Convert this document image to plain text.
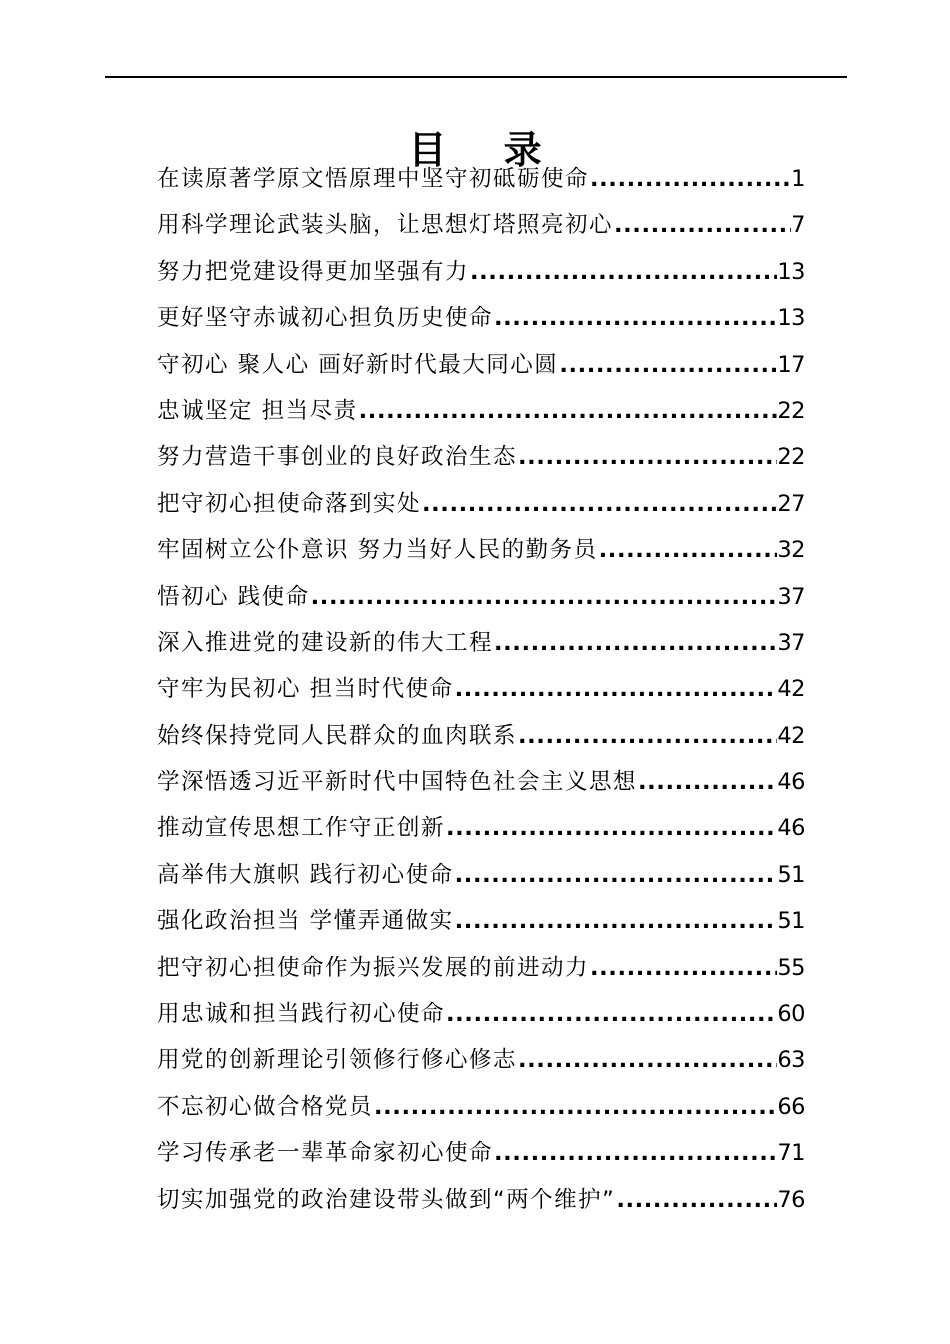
目 录
在读原著学原文悟原理中坚守初砥砺使命 .....	1
用科学理论武装头脑，让思想灯塔照亮初心 .....	7
努力把党建设得更加坚强有力 .....	13
更好坚守赤诚初心担负历史使命 .....	13
守初心 聚人心 画好新时代最大同心圆 .....	17
忠诚坚定 担当尽责 .....	22
努力营造干事创业的良好政治生态 .....	22
把守初心担使命落到实处 .....	27
牢固树立公仆意识 努力当好人民的勤务员 .....	32
悟初心 践使命 .....	37
深入推进党的建设新的伟大工程 .....	37
守牢为民初心 担当时代使命 .....	42
始终保持党同人民群众的血肉联系 .....	42
学深悟透习近平新时代中国特色社会主义思想 .....	46
推动宣传思想工作守正创新 .....	46
高举伟大旗帜 践行初心使命 .....	51
强化政治担当 学懂弄通做实 .....	51
把守初心担使命作为振兴发展的前进动力 .....	55
用忠诚和担当践行初心使命 .....	60
用党的创新理论引领修行修心修志 .....	63
不忘初心做合格党员 .....	66
学习传承老一辈革命家初心使命 .....	71
切实加强党的政治建设带头做到“两个维护” .....	76
